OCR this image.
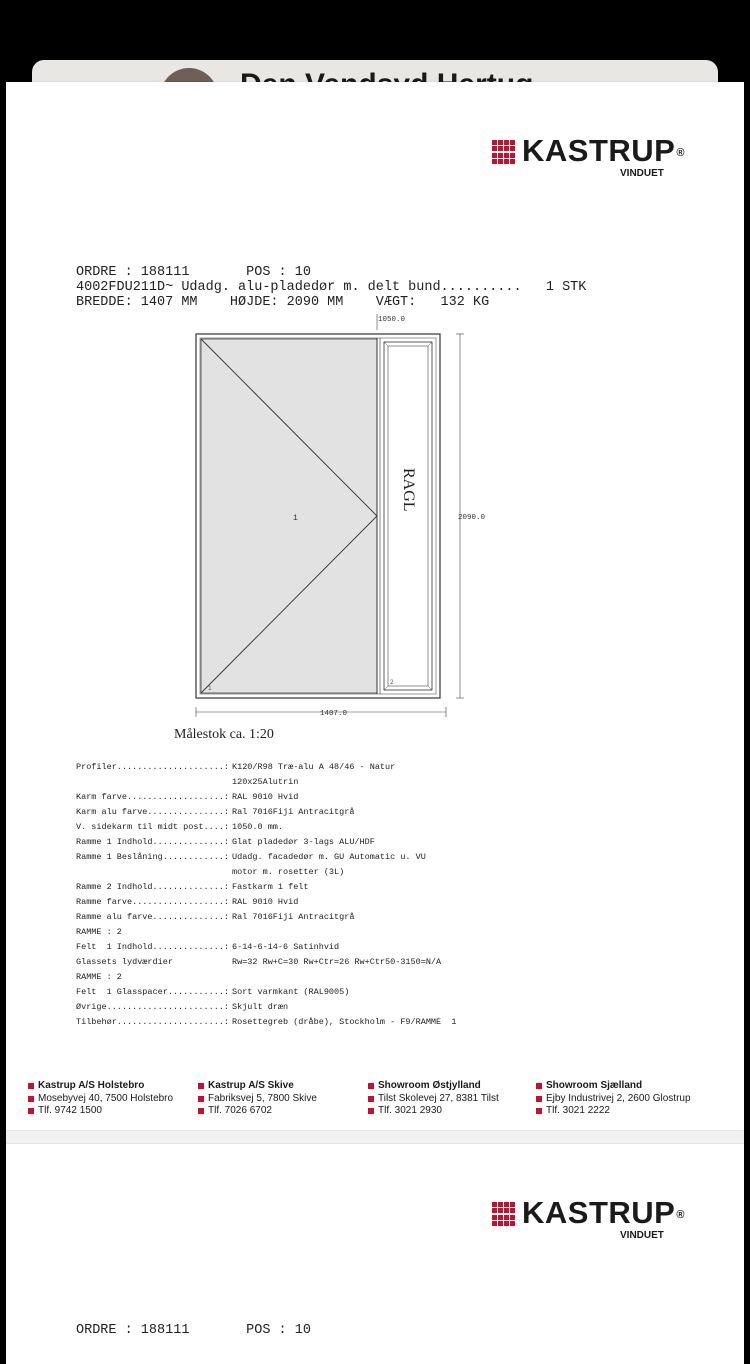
KASTRUP®
VINDUET
ORDRE : 188111       POS : 10
4002FDU211D~ Udadg. alu-pladedør m. delt bund..........   1 STK
BREDDE: 1407 MM    HØJDE: 2090 MM    VÆGT:   132 KG
1050.0
2090.0
1407.0
1
RAGL
1
2
Målestok ca. 1:20
Profiler.....................: K120/R98 Træ-alu A 48/46 - Natur
120x25Alutrin
Karm farve...................: RAL 9010 Hvid
Karm alu farve...............: Ral 7016Fiji Antracitgrå
V. sidekarm til midt post....: 1050.0 mm.
Ramme 1 Indhold..............: Glat pladedør 3-lags ALU/HDF
Ramme 1 Beslåning............: Udadg. facadedør m. GU Automatic u. VU
motor m. rosetter (3L)
Ramme 2 Indhold..............: Fastkarm 1 felt
Ramme farve..................: RAL 9010 Hvid
Ramme alu farve..............: Ral 7016Fiji Antracitgrå
RAMME : 2
Felt  1 Indhold..............: 6-14-6-14-6 Satinhvid
Glassets lydværdier	Rw=32 Rw+C=30 Rw+Ctr=26 Rw+Ctr50-3150=N/A
RAMME : 2
Felt  1 Glasspacer...........: Sort varmkant (RAL9005)
Øvrige.......................: Skjult dræn
Tilbehør.....................: Rosettegreb (dråbe), Stockholm - F9/RAMME  1
Kastrup A/S Holstebro
Mosebyvej 40, 7500 Holstebro
Tlf. 9742 1500
Kastrup A/S Skive
Fabriksvej 5, 7800 Skive
Tlf. 7026 6702
Showroom Østjylland
Tilst Skolevej 27, 8381 Tilst
Tlf. 3021 2930
Showroom Sjælland
Ejby Industrivej 2, 2600 Glostrup
Tlf. 3021 2222
KASTRUP®
VINDUET
ORDRE : 188111       POS : 10
